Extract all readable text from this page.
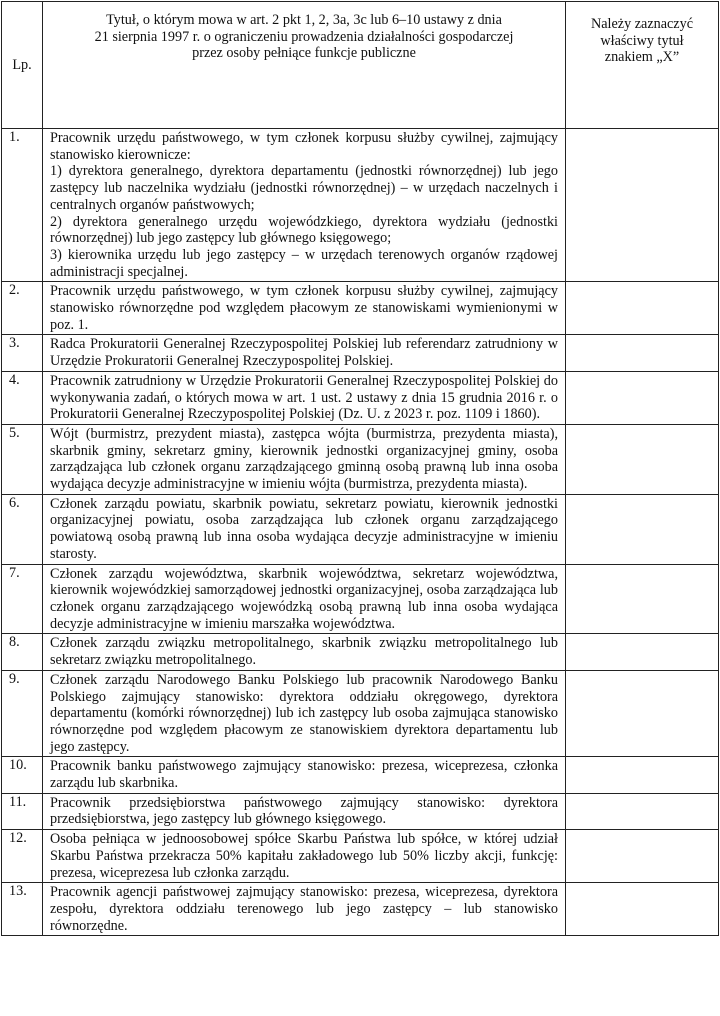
Lp.	Tytuł, o którym mowa w art. 2 pkt 1, 2, 3a, 3c lub 6–10 ustawy z dnia
21 sierpnia 1997 r. o ograniczeniu prowadzenia działalności gospodarczej
przez osoby pełniące funkcje publiczne	Należy zaznaczyć
właściwy tytuł
znakiem „X”

1.	Pracownik urzędu państwowego, w tym członek korpusu służby cywilnej, zajmujący stanowisko kierownicze:
1) dyrektora generalnego, dyrektora departamentu (jednostki równorzędnej) lub jego zastępcy lub naczelnika wydziału (jednostki równorzędnej) – w urzędach naczelnych i centralnych organów państwowych;
2) dyrektora generalnego urzędu wojewódzkiego, dyrektora wydziału (jednostki równorzędnej) lub jego zastępcy lub głównego księgowego;
3) kierownika urzędu lub jego zastępcy – w urzędach terenowych organów rządowej administracji specjalnej.	
2.	Pracownik urzędu państwowego, w tym członek korpusu służby cywilnej, zajmujący stanowisko równorzędne pod względem płacowym ze stanowiskami wymienionymi w poz. 1.	
3.	Radca Prokuratorii Generalnej Rzeczypospolitej Polskiej lub referendarz zatrudniony w Urzędzie Prokuratorii Generalnej Rzeczypospolitej Polskiej.	
4.	Pracownik zatrudniony w Urzędzie Prokuratorii Generalnej Rzeczypospolitej Polskiej do wykonywania zadań, o których mowa w art. 1 ust. 2 ustawy z dnia 15 grudnia 2016 r. o Prokuratorii Generalnej Rzeczypospolitej Polskiej (Dz. U. z 2023 r. poz. 1109 i 1860).	
5.	Wójt (burmistrz, prezydent miasta), zastępca wójta (burmistrza, prezydenta miasta), skarbnik gminy, sekretarz gminy, kierownik jednostki organizacyjnej gminy, osoba zarządzająca lub członek organu zarządzającego gminną osobą prawną lub inna osoba wydająca decyzje administracyjne w imieniu wójta (burmistrza, prezydenta miasta).	
6.	Członek zarządu powiatu, skarbnik powiatu, sekretarz powiatu, kierownik jednostki organizacyjnej powiatu, osoba zarządzająca lub członek organu zarządzającego powiatową osobą prawną lub inna osoba wydająca decyzje administracyjne w imieniu starosty.	
7.	Członek zarządu województwa, skarbnik województwa, sekretarz województwa, kierownik wojewódzkiej samorządowej jednostki organizacyjnej, osoba zarządzająca lub członek organu zarządzającego wojewódzką osobą prawną lub inna osoba wydająca decyzje administracyjne w imieniu marszałka województwa.	
8.	Członek zarządu związku metropolitalnego, skarbnik związku metropolitalnego lub sekretarz związku metropolitalnego.	
9.	Członek zarządu Narodowego Banku Polskiego lub pracownik Narodowego Banku Polskiego zajmujący stanowisko: dyrektora oddziału okręgowego, dyrektora departamentu (komórki równorzędnej) lub ich zastępcy lub osoba zajmująca stanowisko równorzędne pod względem płacowym ze stanowiskiem dyrektora departamentu lub jego zastępcy.	
10.	Pracownik banku państwowego zajmujący stanowisko: prezesa, wiceprezesa, członka zarządu lub skarbnika.	
11.	Pracownik przedsiębiorstwa państwowego zajmujący stanowisko: dyrektora przedsiębiorstwa, jego zastępcy lub głównego księgowego.	
12.	Osoba pełniąca w jednoosobowej spółce Skarbu Państwa lub spółce, w której udział Skarbu Państwa przekracza 50% kapitału zakładowego lub 50% liczby akcji, funkcję: prezesa, wiceprezesa lub członka zarządu.	
13.	Pracownik agencji państwowej zajmujący stanowisko: prezesa, wiceprezesa, dyrektora zespołu, dyrektora oddziału terenowego lub jego zastępcy – lub stanowisko równorzędne.	
